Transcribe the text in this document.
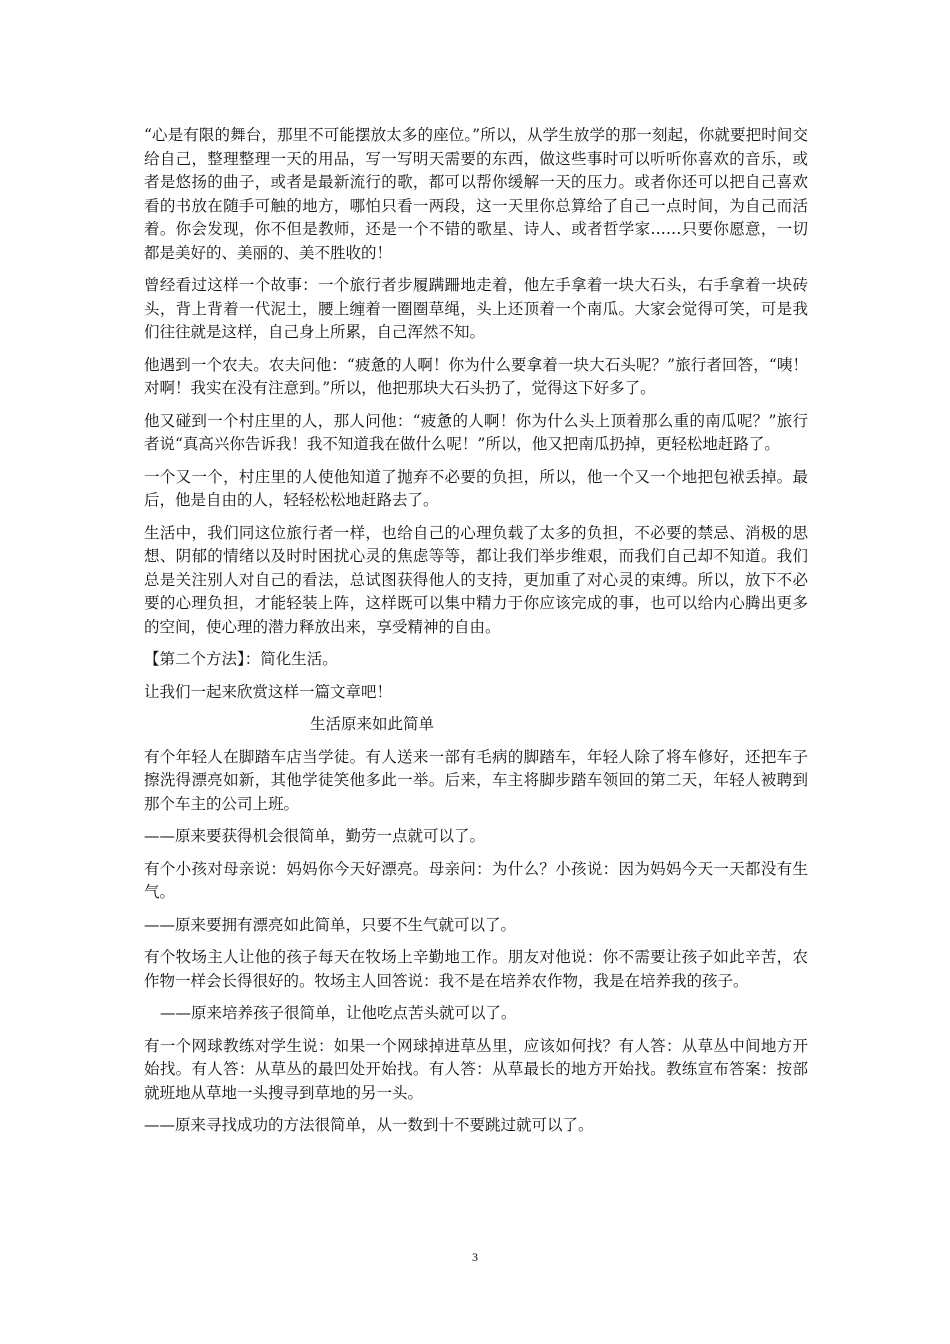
“心是有限的舞台，那里不可能摆放太多的座位。”所以，从学生放学的那一刻起，你就要把时间交给自己，整理整理一天的用品，写一写明天需要的东西，做这些事时可以听听你喜欢的音乐，或者是悠扬的曲子，或者是最新流行的歌，都可以帮你缓解一天的压力。或者你还可以把自己喜欢看的书放在随手可触的地方，哪怕只看一两段，这一天里你总算给了自己一点时间，为自己而活着。你会发现，你不但是教师，还是一个不错的歌星、诗人、或者哲学家……只要你愿意，一切都是美好的、美丽的、美不胜收的！

曾经看过这样一个故事：一个旅行者步履蹒跚地走着，他左手拿着一块大石头，右手拿着一块砖头，背上背着一代泥土，腰上缠着一圈圈草绳，头上还顶着一个南瓜。大家会觉得可笑，可是我们往往就是这样，自己身上所累，自己浑然不知。

他遇到一个农夫。农夫问他：“疲惫的人啊！你为什么要拿着一块大石头呢？”旅行者回答，“咦！对啊！我实在没有注意到。”所以，他把那块大石头扔了，觉得这下好多了。

他又碰到一个村庄里的人，那人问他：“疲惫的人啊！你为什么头上顶着那么重的南瓜呢？”旅行者说“真高兴你告诉我！我不知道我在做什么呢！”所以，他又把南瓜扔掉，更轻松地赶路了。

一个又一个，村庄里的人使他知道了抛弃不必要的负担，所以，他一个又一个地把包袱丢掉。最后，他是自由的人，轻轻松松地赶路去了。

生活中，我们同这位旅行者一样，也给自己的心理负载了太多的负担，不必要的禁忌、消极的思想、阴郁的情绪以及时时困扰心灵的焦虑等等，都让我们举步维艰，而我们自己却不知道。我们总是关注别人对自己的看法，总试图获得他人的支持，更加重了对心灵的束缚。所以，放下不必要的心理负担，才能轻装上阵，这样既可以集中精力于你应该完成的事，也可以给内心腾出更多的空间，使心理的潜力释放出来，享受精神的自由。

【第二个方法】：简化生活。

让我们一起来欣赏这样一篇文章吧！

生活原来如此简单

有个年轻人在脚踏车店当学徒。有人送来一部有毛病的脚踏车，年轻人除了将车修好，还把车子擦洗得漂亮如新，其他学徒笑他多此一举。后来，车主将脚步踏车领回的第二天，年轻人被聘到那个车主的公司上班。

——原来要获得机会很简单，勤劳一点就可以了。

有个小孩对母亲说：妈妈你今天好漂亮。母亲问：为什么？小孩说：因为妈妈今天一天都没有生气。

——原来要拥有漂亮如此简单，只要不生气就可以了。

有个牧场主人让他的孩子每天在牧场上辛勤地工作。朋友对他说：你不需要让孩子如此辛苦，农作物一样会长得很好的。牧场主人回答说：我不是在培养农作物，我是在培养我的孩子。

——原来培养孩子很简单，让他吃点苦头就可以了。

有一个网球教练对学生说：如果一个网球掉进草丛里，应该如何找？有人答：从草丛中间地方开始找。有人答：从草丛的最凹处开始找。有人答：从草最长的地方开始找。教练宣布答案：按部就班地从草地一头搜寻到草地的另一头。

——原来寻找成功的方法很简单，从一数到十不要跳过就可以了。

3
